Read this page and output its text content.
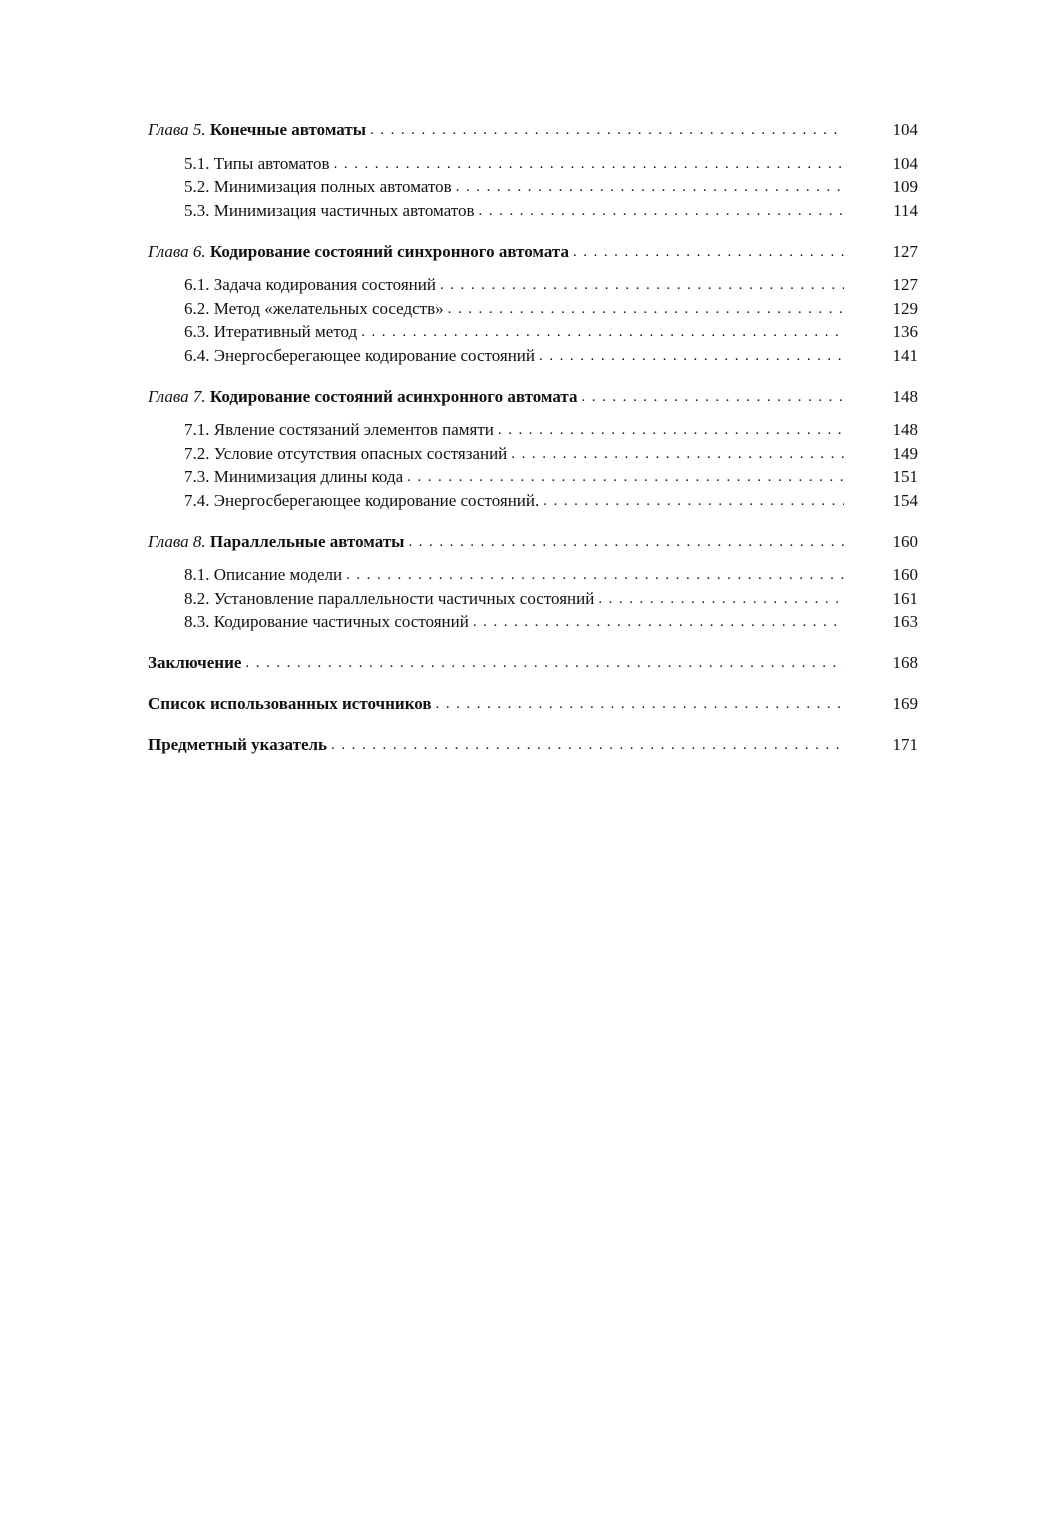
Глава 5. Конечные автоматы . . .	104
5.1. Типы автоматов . . .	104
5.2. Минимизация полных автоматов . . .	109
5.3. Минимизация частичных автоматов . . .	114
Глава 6. Кодирование состояний синхронного автомата . . .	127
6.1. Задача кодирования состояний . . .	127
6.2. Метод «желательных соседств» . . .	129
6.3. Итеративный метод . . .	136
6.4. Энергосберегающее кодирование состояний . . .	141
Глава 7. Кодирование состояний асинхронного автомата . . .	148
7.1. Явление состязаний элементов памяти . . .	148
7.2. Условие отсутствия опасных состязаний . . .	149
7.3. Минимизация длины кода . . .	151
7.4. Энергосберегающее кодирование состояний. . . .	154
Глава 8. Параллельные автоматы . . .	160
8.1. Описание модели . . .	160
8.2. Установление параллельности частичных состояний . . .	161
8.3. Кодирование частичных состояний . . .	163
Заключение . . .	168
Список использованных источников . . .	169
Предметный указатель . . .	171
